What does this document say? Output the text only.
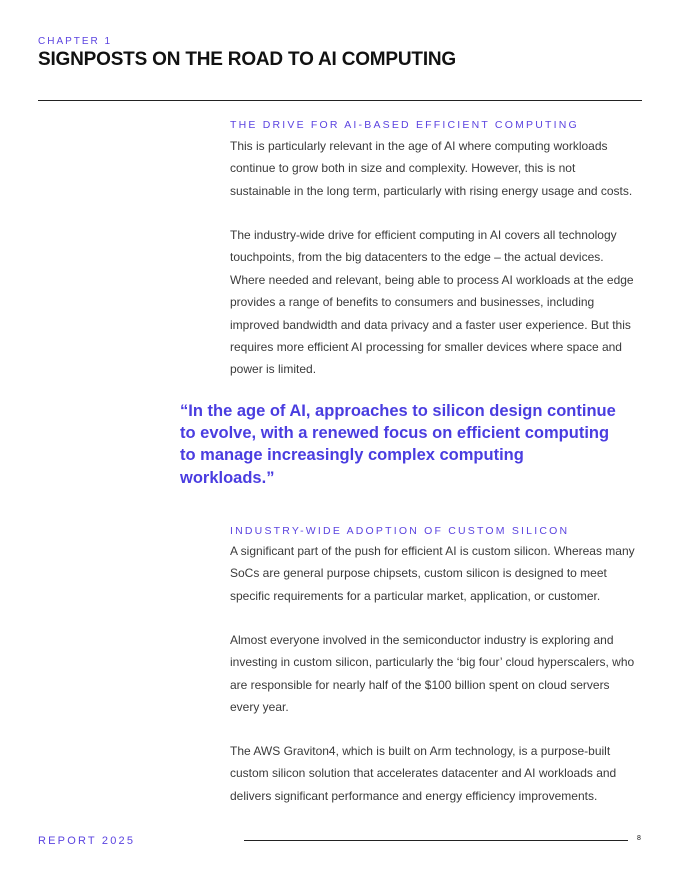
CHAPTER 1
SIGNPOSTS ON THE ROAD TO AI COMPUTING
THE DRIVE FOR AI-BASED EFFICIENT COMPUTING

This is particularly relevant in the age of AI where computing workloads continue to grow both in size and complexity. However, this is not sustainable in the long term, particularly with rising energy usage and costs.

The industry-wide drive for efficient computing in AI covers all technology touchpoints, from the big datacenters to the edge – the actual devices. Where needed and relevant, being able to process AI workloads at the edge provides a range of benefits to consumers and businesses, including improved bandwidth and data privacy and a faster user experience. But this requires more efficient AI processing for smaller devices where space and power is limited.

“In the age of AI, approaches to silicon design continue to evolve, with a renewed focus on efficient computing to manage increasingly complex computing workloads.”

INDUSTRY-WIDE ADOPTION OF CUSTOM SILICON

A significant part of the push for efficient AI is custom silicon. Whereas many SoCs are general purpose chipsets, custom silicon is designed to meet specific requirements for a particular market, application, or customer.

Almost everyone involved in the semiconductor industry is exploring and investing in custom silicon, particularly the ‘big four’ cloud hyperscalers, who are responsible for nearly half of the $100 billion spent on cloud servers every year.

The AWS Graviton4, which is built on Arm technology, is a purpose-built custom silicon solution that accelerates datacenter and AI workloads and delivers significant performance and energy efficiency improvements.

REPORT 2025	8
